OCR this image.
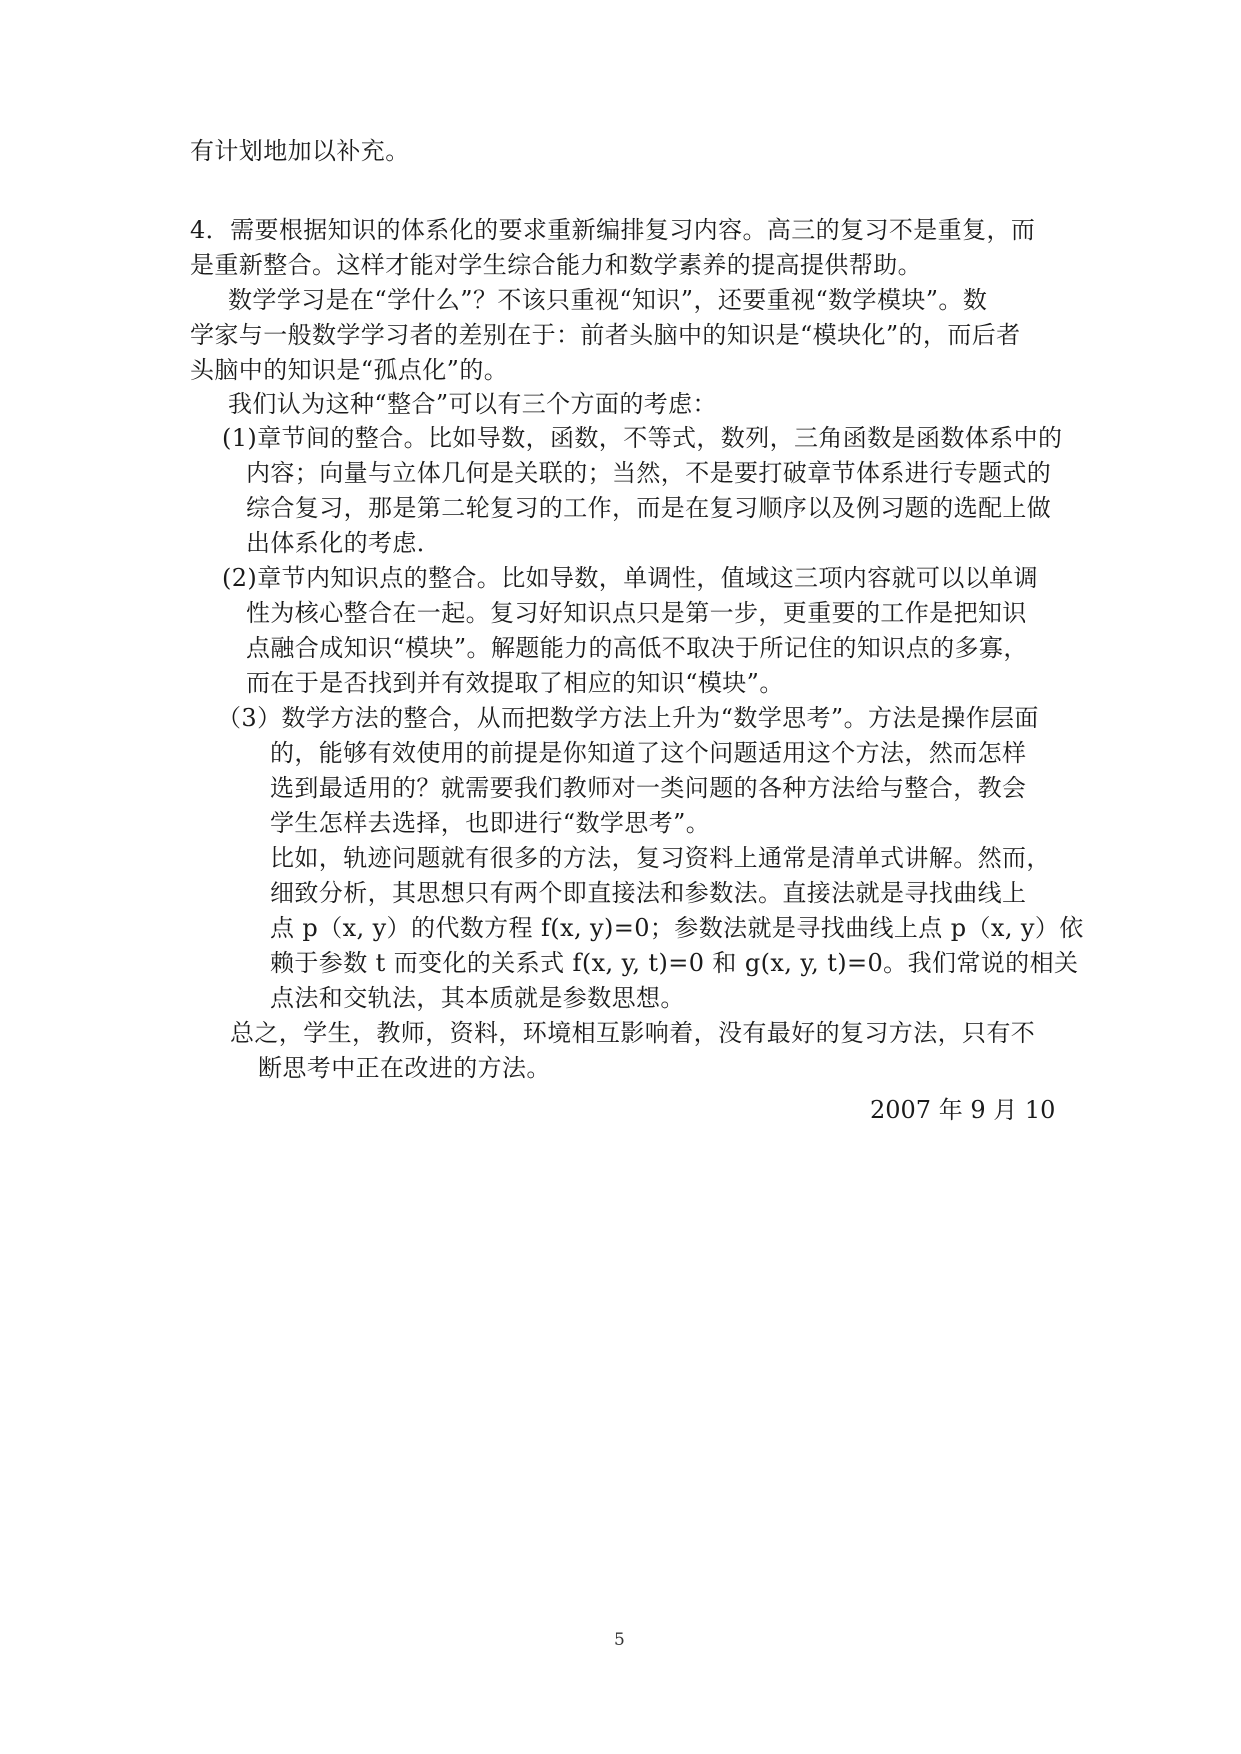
有计划地加以补充。
4．需要根据知识的体系化的要求重新编排复习内容。高三的复习不是重复，而
是重新整合。这样才能对学生综合能力和数学素养的提高提供帮助。
数学学习是在“学什么”？不该只重视“知识”，还要重视“数学模块”。数
学家与一般数学学习者的差别在于：前者头脑中的知识是“模块化”的，而后者
头脑中的知识是“孤点化”的。
我们认为这种“整合”可以有三个方面的考虑：
(1)章节间的整合。比如导数，函数，不等式，数列，三角函数是函数体系中的
内容；向量与立体几何是关联的；当然，不是要打破章节体系进行专题式的
综合复习，那是第二轮复习的工作，而是在复习顺序以及例习题的选配上做
出体系化的考虑．
(2)章节内知识点的整合。比如导数，单调性，值域这三项内容就可以以单调
性为核心整合在一起。复习好知识点只是第一步，更重要的工作是把知识
点融合成知识“模块”。解题能力的高低不取决于所记住的知识点的多寡，
而在于是否找到并有效提取了相应的知识“模块”。
（3）数学方法的整合，从而把数学方法上升为“数学思考”。方法是操作层面
的，能够有效使用的前提是你知道了这个问题适用这个方法，然而怎样
选到最适用的？就需要我们教师对一类问题的各种方法给与整合，教会
学生怎样去选择，也即进行“数学思考”。
比如，轨迹问题就有很多的方法，复习资料上通常是清单式讲解。然而，
细致分析，其思想只有两个即直接法和参数法。直接法就是寻找曲线上
点 p（x, y）的代数方程 f(x, y)=0；参数法就是寻找曲线上点 p（x, y）依
赖于参数 t 而变化的关系式 f(x, y, t)=0 和 g(x, y, t)=0。我们常说的相关
点法和交轨法，其本质就是参数思想。
总之，学生，教师，资料，环境相互影响着，没有最好的复习方法，只有不
断思考中正在改进的方法。
2007 年 9 月 10
5
